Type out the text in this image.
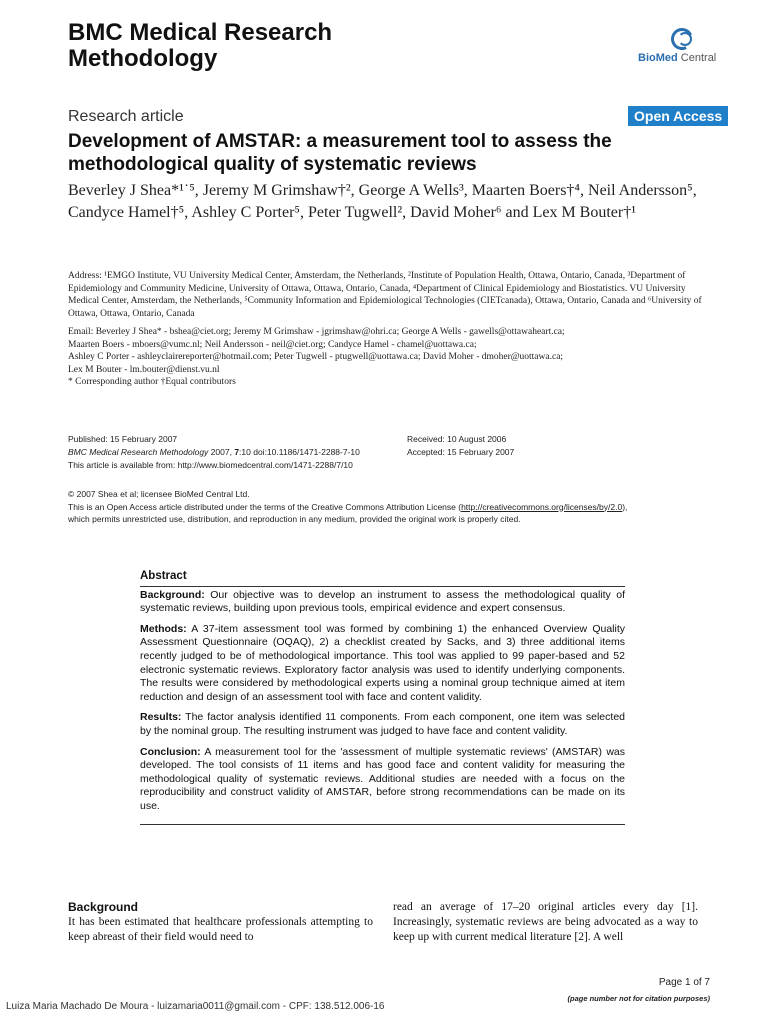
BMC Medical Research
Methodology	BioMed Central
Research article	Open Access
Development of AMSTAR: a measurement tool to assess the methodological quality of systematic reviews
Beverley J Shea*¹˙⁵, Jeremy M Grimshaw†², George A Wells³, Maarten Boers†⁴, Neil Andersson⁵, Candyce Hamel†⁵, Ashley C Porter⁵, Peter Tugwell², David Moher⁶ and Lex M Bouter†¹
Address: ¹EMGO Institute, VU University Medical Center, Amsterdam, the Netherlands, ²Institute of Population Health, Ottawa, Ontario, Canada, ³Department of Epidemiology and Community Medicine, University of Ottawa, Ottawa, Ontario, Canada, ⁴Department of Clinical Epidemiology and Biostatistics. VU University Medical Center, Amsterdam, the Netherlands, ⁵Community Information and Epidemiological Technologies (CIETcanada), Ottawa, Ontario, Canada and ⁶University of Ottawa, Ottawa, Ontario, Canada
Email: Beverley J Shea* - bshea@ciet.org; Jeremy M Grimshaw - jgrimshaw@ohri.ca; George A Wells - gawells@ottawaheart.ca;
Maarten Boers - mboers@vumc.nl; Neil Andersson - neil@ciet.org; Candyce Hamel - chamel@uottawa.ca;
Ashley C Porter - ashleyclairereporter@hotmail.com; Peter Tugwell - ptugwell@uottawa.ca; David Moher - dmoher@uottawa.ca;
Lex M Bouter - lm.bouter@dienst.vu.nl
* Corresponding author †Equal contributors
Published: 15 February 2007
BMC Medical Research Methodology 2007, 7:10 doi:10.1186/1471-2288-7-10
This article is available from: http://www.biomedcentral.com/1471-2288/7/10
Received: 10 August 2006
Accepted: 15 February 2007
© 2007 Shea et al; licensee BioMed Central Ltd.
This is an Open Access article distributed under the terms of the Creative Commons Attribution License (http://creativecommons.org/licenses/by/2.0),
which permits unrestricted use, distribution, and reproduction in any medium, provided the original work is properly cited.
Abstract

Background: Our objective was to develop an instrument to assess the methodological quality of systematic reviews, building upon previous tools, empirical evidence and expert consensus.

Methods: A 37-item assessment tool was formed by combining 1) the enhanced Overview Quality Assessment Questionnaire (OQAQ), 2) a checklist created by Sacks, and 3) three additional items recently judged to be of methodological importance. This tool was applied to 99 paper-based and 52 electronic systematic reviews. Exploratory factor analysis was used to identify underlying components. The results were considered by methodological experts using a nominal group technique aimed at item reduction and design of an assessment tool with face and content validity.

Results: The factor analysis identified 11 components. From each component, one item was selected by the nominal group. The resulting instrument was judged to have face and content validity.

Conclusion: A measurement tool for the 'assessment of multiple systematic reviews' (AMSTAR) was developed. The tool consists of 11 items and has good face and content validity for measuring the methodological quality of systematic reviews. Additional studies are needed with a focus on the reproducibility and construct validity of AMSTAR, before strong recommendations can be made on its use.

Background
It has been estimated that healthcare professionals attempting to keep abreast of their field would need to
read an average of 17–20 original articles every day [1]. Increasingly, systematic reviews are being advocated as a way to keep up with current medical literature [2]. A well
Page 1 of 7
(page number not for citation purposes)
Luiza Maria Machado De Moura - luizamaria0011@gmail.com - CPF: 138.512.006-16
